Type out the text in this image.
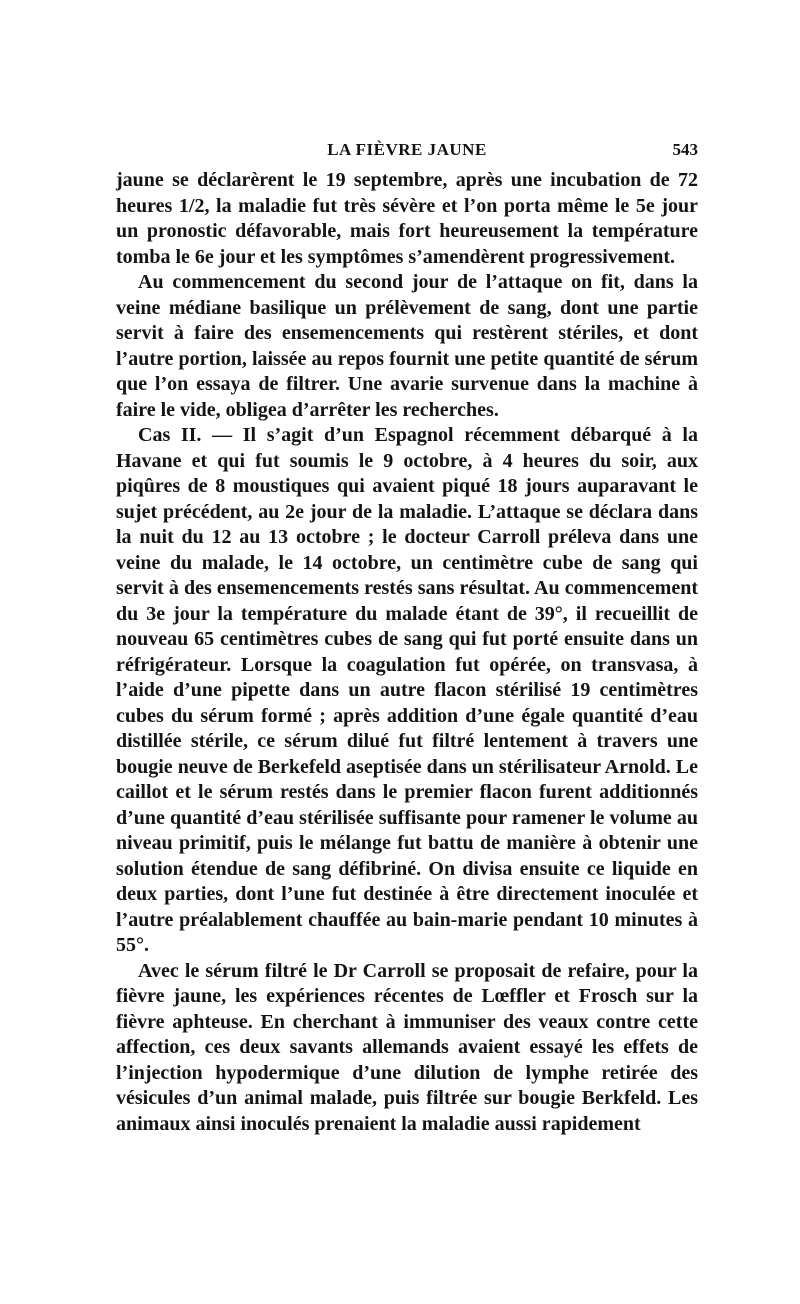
LA FIÈVRE JAUNE	543

jaune se déclarèrent le 19 septembre, après une incubation de 72 heures 1/2, la maladie fut très sévère et l’on porta même le 5e jour un pronostic défavorable, mais fort heureusement la température tomba le 6e jour et les symptômes s’amendèrent progressivement.

Au commencement du second jour de l’attaque on fit, dans la veine médiane basilique un prélèvement de sang, dont une partie servit à faire des ensemencements qui restèrent stériles, et dont l’autre portion, laissée au repos fournit une petite quantité de sérum que l’on essaya de filtrer. Une avarie survenue dans la machine à faire le vide, obligea d’arrêter les recherches.

Cas II. — Il s’agit d’un Espagnol récemment débarqué à la Havane et qui fut soumis le 9 octobre, à 4 heures du soir, aux piqûres de 8 moustiques qui avaient piqué 18 jours auparavant le sujet précédent, au 2e jour de la maladie. L’attaque se déclara dans la nuit du 12 au 13 octobre ; le docteur Carroll préleva dans une veine du malade, le 14 octobre, un centimètre cube de sang qui servit à des ensemencements restés sans résultat. Au commencement du 3e jour la température du malade étant de 39°, il recueillit de nouveau 65 centimètres cubes de sang qui fut porté ensuite dans un réfrigérateur. Lorsque la coagulation fut opérée, on transvasa, à l’aide d’une pipette dans un autre flacon stérilisé 19 centimètres cubes du sérum formé ; après addition d’une égale quantité d’eau distillée stérile, ce sérum dilué fut filtré lentement à travers une bougie neuve de Berkefeld aseptisée dans un stérilisateur Arnold. Le caillot et le sérum restés dans le premier flacon furent additionnés d’une quantité d’eau stérilisée suffisante pour ramener le volume au niveau primitif, puis le mélange fut battu de manière à obtenir une solution étendue de sang défibriné. On divisa ensuite ce liquide en deux parties, dont l’une fut destinée à être directement inoculée et l’autre préalablement chauffée au bain-marie pendant 10 minutes à 55°.

Avec le sérum filtré le Dr Carroll se proposait de refaire, pour la fièvre jaune, les expériences récentes de Lœffler et Frosch sur la fièvre aphteuse. En cherchant à immuniser des veaux contre cette affection, ces deux savants allemands avaient essayé les effets de l’injection hypodermique d’une dilution de lymphe retirée des vésicules d’un animal malade, puis filtrée sur bougie Berkfeld. Les animaux ainsi inoculés prenaient la maladie aussi rapidement
